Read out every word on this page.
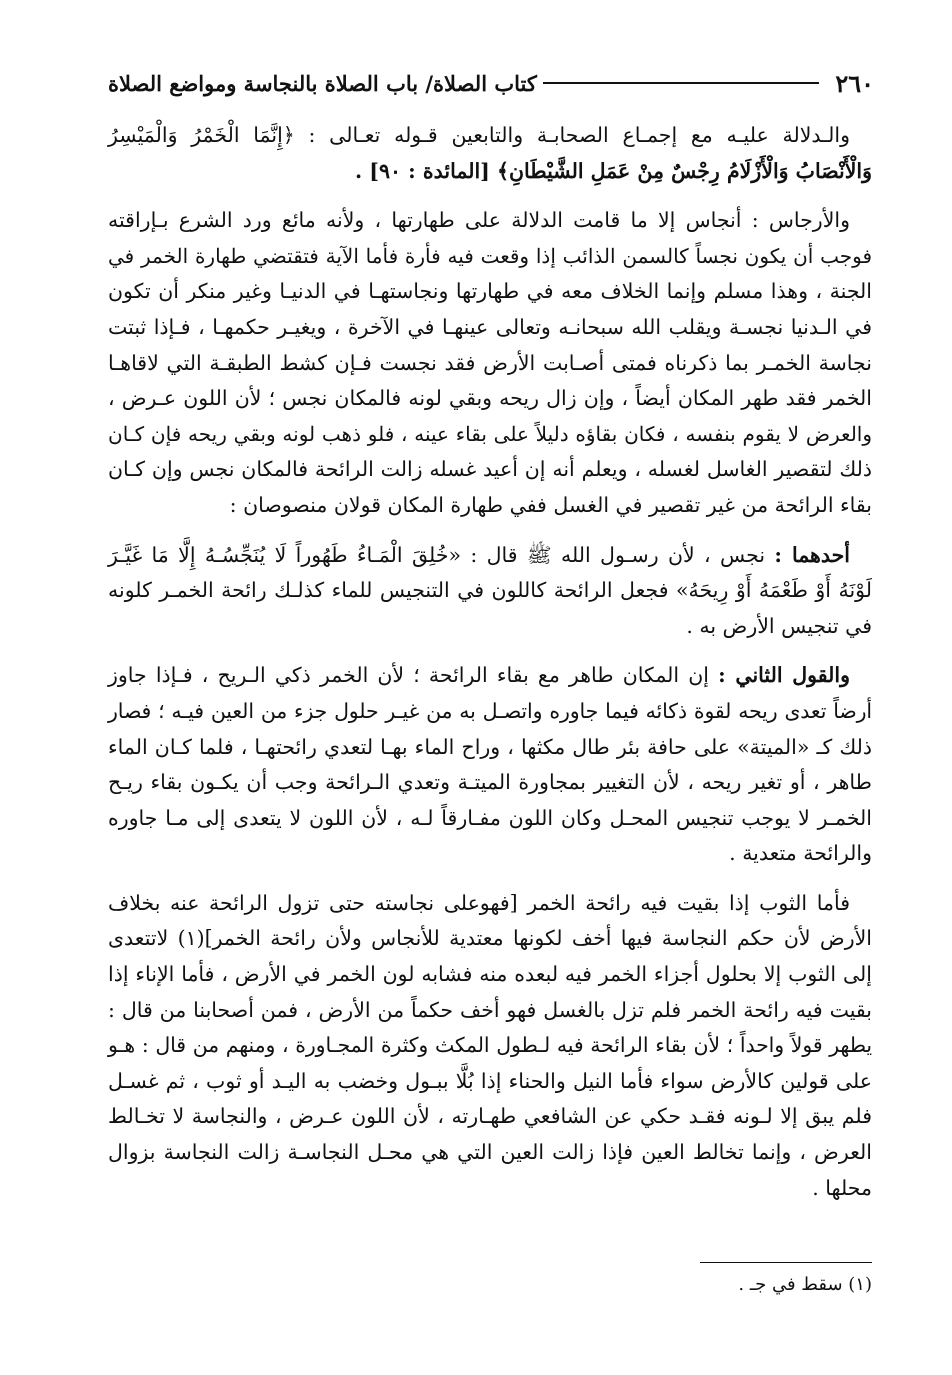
٢٦٠
كتاب الصلاة/ باب الصلاة بالنجاسة ومواضع الصلاة
والـدلالة عليـه مع إجمـاع الصحابـة والتابعين قـوله تعـالى : ﴿إِنَّمَا الْخَمْرُ وَالْمَيْسِرُ
وَالْأَنْصَابُ وَالْأَزْلَامُ رِجْسٌ مِنْ عَمَلِ الشَّيْطَانِ﴾ [المائدة : ٩٠] .
والأرجاس : أنجاس إلا ما قامت الدلالة على طهارتها ، ولأنه مائع ورد الشرع بـإراقته
فوجب أن يكون نجساً كالسمن الذائب إذا وقعت فيه فأرة فأما الآية فتقتضي طهارة الخمر في
الجنة ، وهذا مسلم وإنما الخلاف معه في طهارتها ونجاستهـا في الدنيـا وغير منكر أن تكون
في الـدنيا نجسـة ويقلب الله سبحانـه وتعالى عينهـا في الآخرة ، ويغيـر حكمهـا ، فـإذا ثبتت
نجاسة الخمـر بما ذكرناه فمتى أصـابت الأرض فقد نجست فـإن كشط الطبقـة التي لاقاهـا
الخمر فقد طهر المكان أيضاً ، وإن زال ريحه وبقي لونه فالمكان نجس ؛ لأن اللون عـرض ،
والعرض لا يقوم بنفسه ، فكان بقاؤه دليلاً على بقاء عينه ، فلو ذهب لونه وبقي ريحه فإن كـان
ذلك لتقصير الغاسل لغسله ، ويعلم أنه إن أعيد غسله زالت الرائحة فالمكان نجس وإن كـان
بقاء الرائحة من غير تقصير في الغسل ففي طهارة المكان قولان منصوصان :
أحدهما : نجس ، لأن رسـول الله ﷺ قال : «خُلِقَ الْمَـاءُ طَهُوراً لَا يُنَجِّسُـهُ إِلَّا مَا غَيَّـرَ
لَوْنَهُ أَوْ طَعْمَهُ أَوْ رِيحَهُ» فجعل الرائحة كاللون في التنجيس للماء كذلـك رائحة الخمـر كلونه
في تنجيس الأرض به .
والقول الثاني : إن المكان طاهر مع بقاء الرائحة ؛ لأن الخمر ذكي الـريح ، فـإذا جاوز
أرضاً تعدى ريحه لقوة ذكائه فيما جاوره واتصـل به من غيـر حلول جزء من العين فيـه ؛ فصار
ذلك كـ «الميتة» على حافة بئر طال مكثها ، وراح الماء بهـا لتعدي رائحتهـا ، فلما كـان الماء
طاهر ، أو تغير ريحه ، لأن التغيير بمجاورة الميتـة وتعدي الـرائحة وجب أن يكـون بقاء ريـح
الخمـر لا يوجب تنجيس المحـل وكان اللون مفـارقاً لـه ، لأن اللون لا يتعدى إلى مـا جاوره
والرائحة متعدية .
فأما الثوب إذا بقيت فيه رائحة الخمر [فهوعلى نجاسته حتى تزول الرائحة عنه بخلاف
الأرض لأن حكم النجاسة فيها أخف لكونها معتدية للأنجاس ولأن رائحة الخمر](١) لاتتعدى
إلى الثوب إلا بحلول أجزاء الخمر فيه لبعده منه فشابه لون الخمر في الأرض ، فأما الإناء إذا
بقيت فيه رائحة الخمر فلم تزل بالغسل فهو أخف حكماً من الأرض ، فمن أصحابنا من قال :
يطهر قولاً واحداً ؛ لأن بقاء الرائحة فيه لـطول المكث وكثرة المجـاورة ، ومنهم من قال : هـو
على قولين كالأرض سواء فأما النيل والحناء إذا بُلَّا ببـول وخضب به اليـد أو ثوب ، ثم غسـل
فلم يبق إلا لـونه فقـد حكي عن الشافعي طهـارته ، لأن اللون عـرض ، والنجاسة لا تخـالط
العرض ، وإنما تخالط العين فإذا زالت العين التي هي محـل النجاسـة زالت النجاسة بزوال
محلها .
(١) سقط في جـ .
